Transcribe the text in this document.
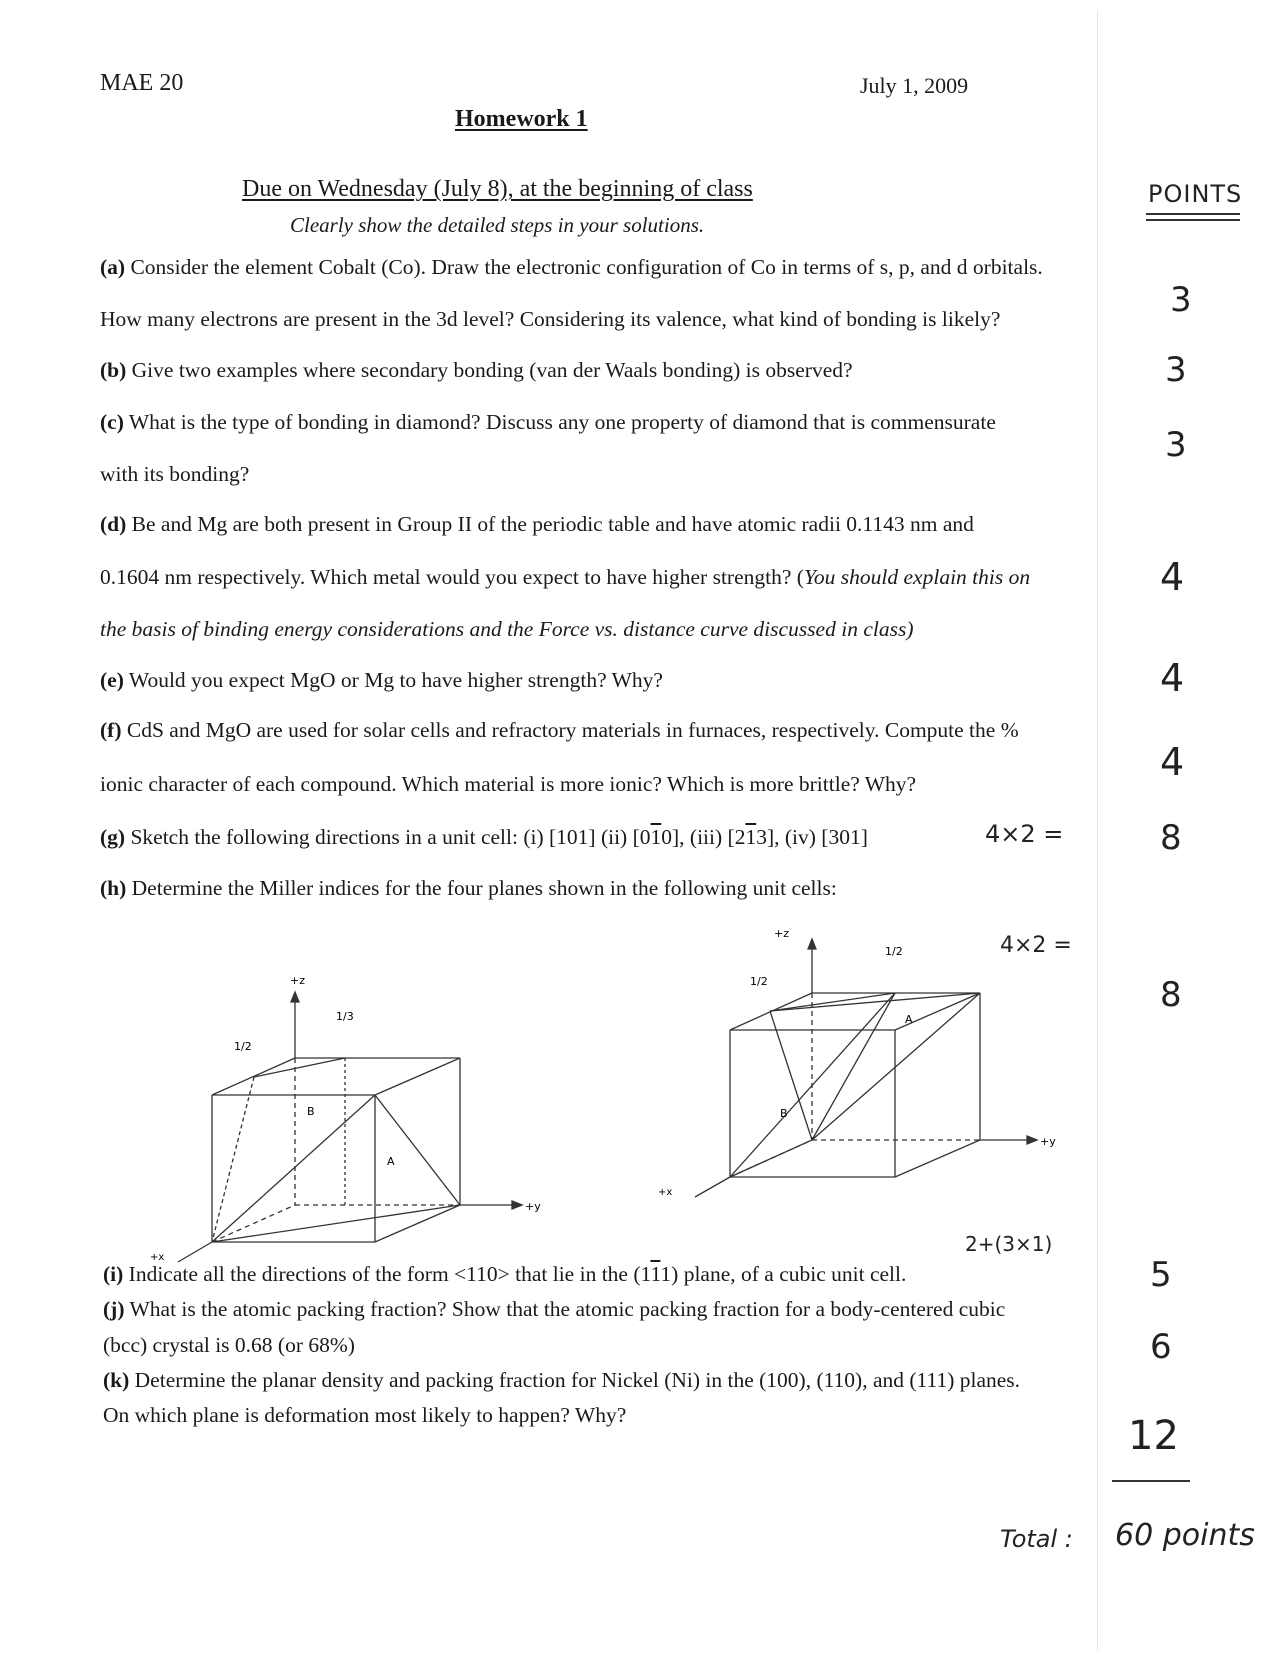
MAE 20	July 1, 2009
Homework 1
Due on Wednesday (July 8), at the beginning of class
Clearly show the detailed steps in your solutions.
POINTS
(a) Consider the element Cobalt (Co). Draw the electronic configuration of Co in terms of s, p, and d orbitals.
How many electrons are present in the 3d level? Considering its valence, what kind of bonding is likely?	3
(b) Give two examples where secondary bonding (van der Waals bonding) is observed?	3
(c) What is the type of bonding in diamond? Discuss any one property of diamond that is commensurate
with its bonding?
3
(d) Be and Mg are both present in Group II of the periodic table and have atomic radii 0.1143 nm and
0.1604 nm respectively. Which metal would you expect to have higher strength? (You should explain this on
the basis of binding energy considerations and the Force vs. distance curve discussed in class)
4
(e) Would you expect MgO or Mg to have higher strength? Why?	4
(f) CdS and MgO are used for solar cells and refractory materials in furnaces, respectively. Compute the %
ionic character of each compound. Which material is more ionic? Which is more brittle? Why?	4
(g) Sketch the following directions in a unit cell: (i) [101] (ii) [010], (iii) [213], (iv) [301]	4×2 =	8
(h) Determine the Miller indices for the four planes shown in the following unit cells:
4×2 =
8
+z
+y
+x
1/2
1/3
A
B
+z
+y
+x
1/2
1/2
A
B
2+(3×1)
(i) Indicate all the directions of the form <110> that lie in the (111) plane, of a cubic unit cell.	5
(j) What is the atomic packing fraction? Show that the atomic packing fraction for a body-centered cubic
(bcc) crystal is 0.68 (or 68%)	6
(k) Determine the planar density and packing fraction for Nickel (Ni) in the (100), (110), and (111) planes.
On which plane is deformation most likely to happen? Why?	12
Total : 60 points
